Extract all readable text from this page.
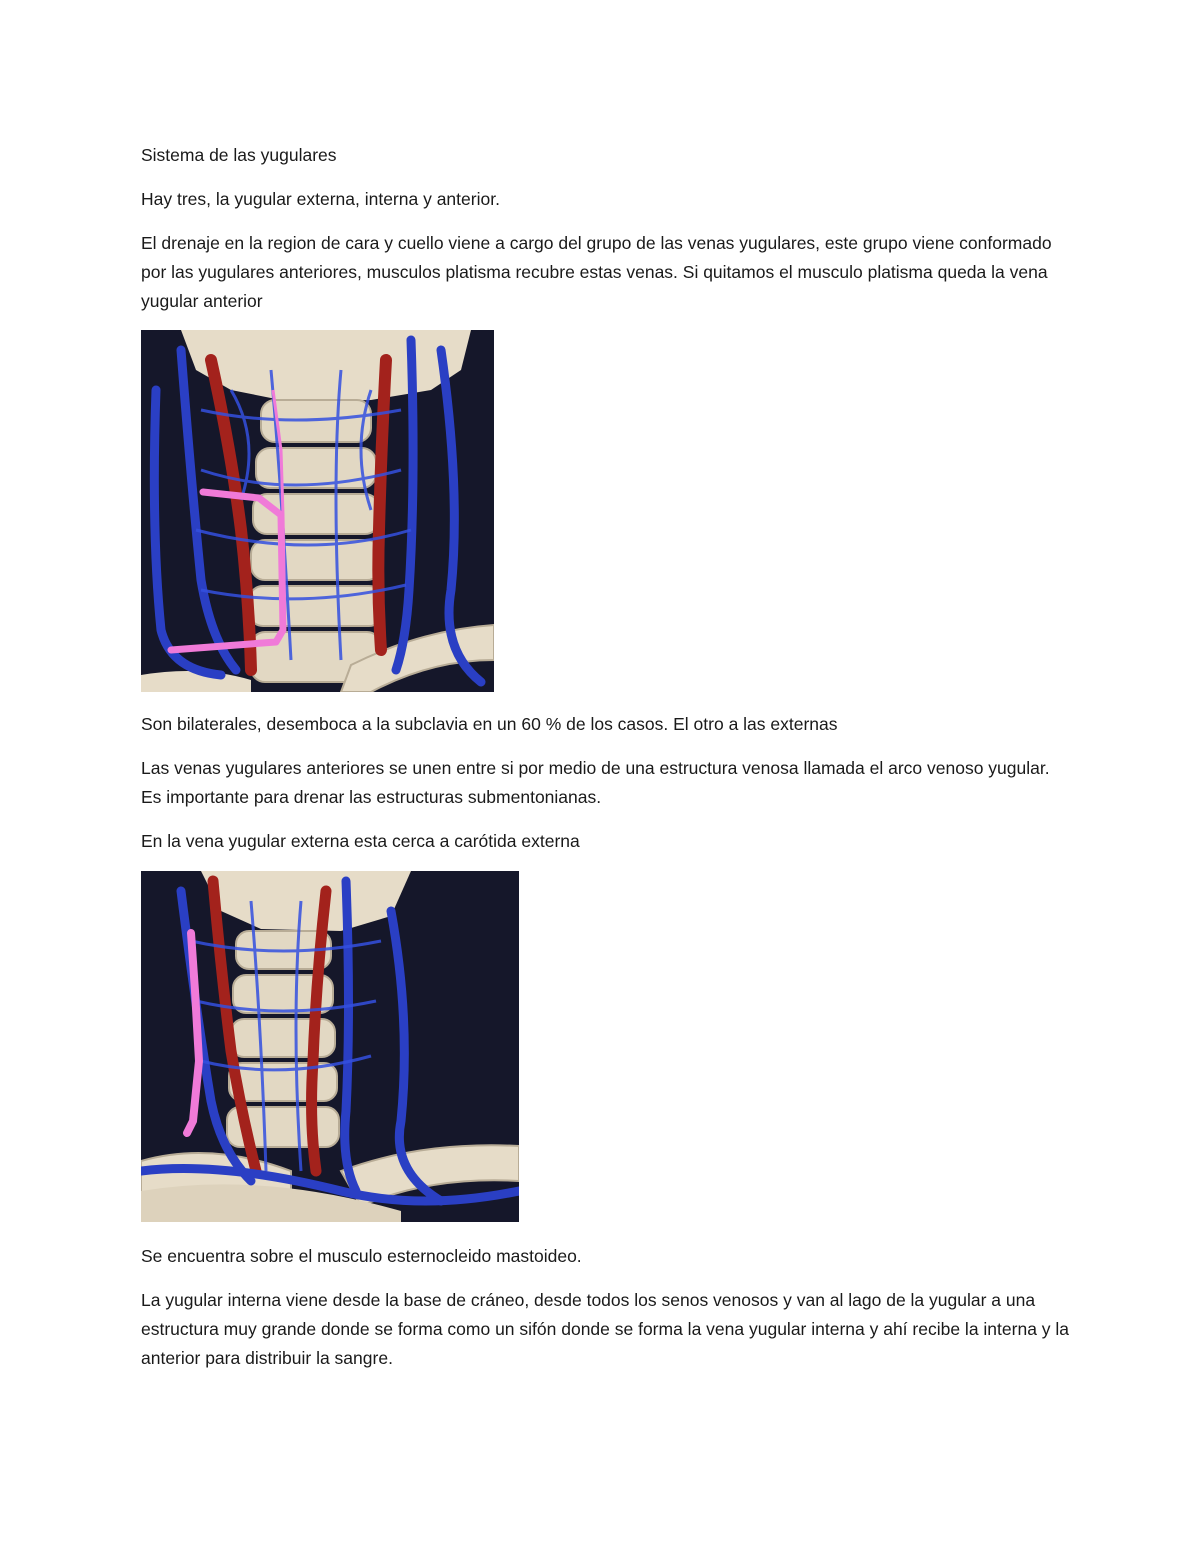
Sistema de las yugulares

Hay tres, la yugular externa, interna y anterior.

El drenaje en la region de cara y cuello viene a cargo del grupo de las venas yugulares, este grupo viene conformado por las yugulares anteriores, musculos platisma recubre estas venas. Si quitamos el musculo platisma queda la vena yugular anterior

Son bilaterales, desemboca a la subclavia en un 60 % de los casos. El otro a las externas

Las venas yugulares anteriores se unen entre si por medio de una estructura venosa llamada el arco venoso yugular. Es importante para drenar las estructuras submentonianas.

En la vena yugular externa esta cerca a carótida externa

Se encuentra sobre el musculo esternocleido mastoideo.

La yugular interna viene desde la base de cráneo, desde todos los senos venosos y van al lago de la yugular a una estructura muy grande donde se forma como un sifón donde se forma la vena yugular interna y ahí recibe la interna y la anterior para distribuir la sangre.
